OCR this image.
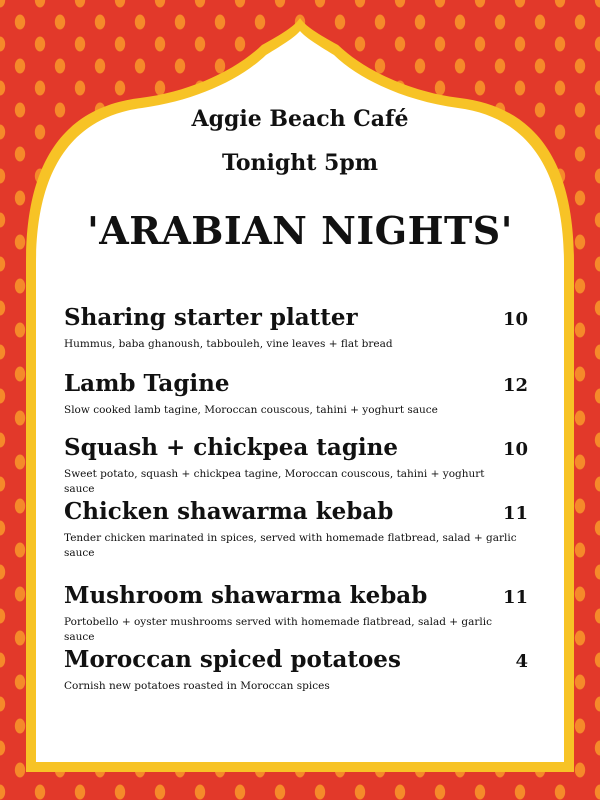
Aggie Beach Café
Tonight 5pm
'ARABIAN NIGHTS'
Sharing starter platter	10
Hummus, baba ghanoush, tabbouleh, vine leaves + flat bread
Lamb Tagine	12
Slow cooked lamb tagine, Moroccan couscous, tahini + yoghurt sauce
Squash + chickpea tagine	10
Sweet potato, squash + chickpea tagine, Moroccan couscous, tahini + yoghurt sauce
Chicken shawarma kebab	11
Tender chicken marinated in spices, served with homemade flatbread, salad + garlic sauce
Mushroom shawarma kebab	11
Portobello + oyster mushrooms served with homemade flatbread, salad + garlic sauce
Moroccan spiced potatoes	4
Cornish new potatoes roasted in Moroccan spices
